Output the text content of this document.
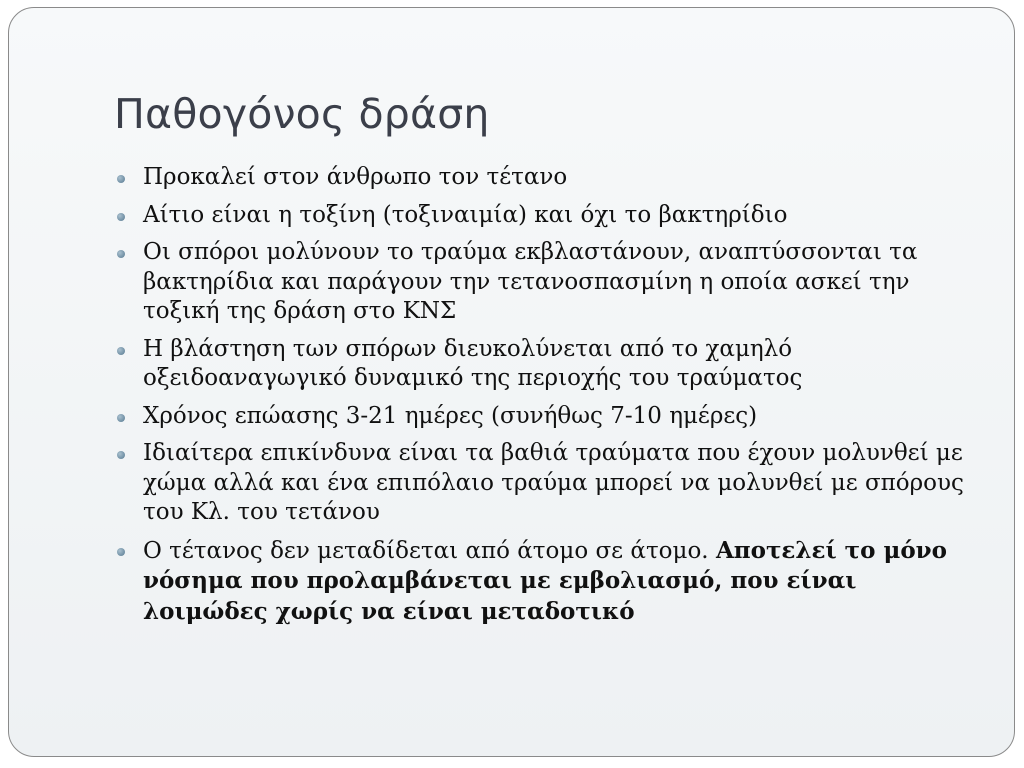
Παθογόνος δράση
Προκαλεί στον άνθρωπο τον τέτανο
Αίτιο είναι η τοξίνη (τοξιναιμία) και όχι το βακτηρίδιο
Οι σπόροι μολύνουν το τραύμα εκβλαστάνουν, αναπτύσσονται τα βακτηρίδια και παράγουν την τετανοσπασμίνη η οποία ασκεί την τοξική της δράση στο ΚΝΣ
Η βλάστηση των σπόρων διευκολύνεται από το χαμηλό οξειδοαναγωγικό δυναμικό της περιοχής του τραύματος
Χρόνος επώασης 3-21 ημέρες (συνήθως 7-10 ημέρες)
Ιδιαίτερα επικίνδυνα είναι τα βαθιά τραύματα που έχουν μολυνθεί με χώμα αλλά και ένα επιπόλαιο τραύμα μπορεί να μολυνθεί με σπόρους του Κλ. του τετάνου
Ο τέτανος δεν μεταδίδεται από άτομο σε άτομο. Αποτελεί το μόνο νόσημα που προλαμβάνεται με εμβολιασμό, που είναι λοιμώδες χωρίς να είναι μεταδοτικό
